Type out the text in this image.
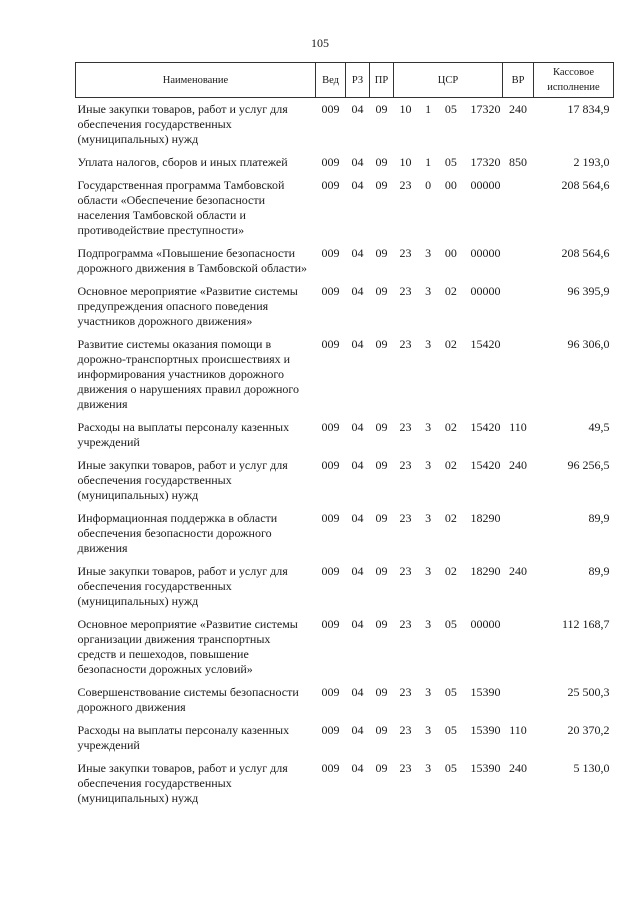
105
Наименование	Вед	РЗ	ПР	ЦСР	ВР	Кассовое исполнение
Иные закупки товаров, работ и услуг для обеспечения государственных (муниципальных) нужд	009	04	09	10 1 05 17320	240	17 834,9
Уплата налогов, сборов и иных платежей	009	04	09	10 1 05 17320	850	2 193,0
Государственная программа Тамбовской области «Обеспечение безопасности населения Тамбовской области и противодействие преступности»	009	04	09	23 0 00 00000		208 564,6
Подпрограмма «Повышение безопасности дорожного движения в Тамбовской области»	009	04	09	23 3 00 00000		208 564,6
Основное мероприятие «Развитие системы предупреждения опасного поведения участников дорожного движения»	009	04	09	23 3 02 00000		96 395,9
Развитие системы оказания помощи в дорожно-транспортных происшествиях и информирования участников дорожного движения о нарушениях правил дорожного движения	009	04	09	23 3 02 15420		96 306,0
Расходы на выплаты персоналу казенных учреждений	009	04	09	23 3 02 15420	110	49,5
Иные закупки товаров, работ и услуг для обеспечения государственных (муниципальных) нужд	009	04	09	23 3 02 15420	240	96 256,5
Информационная поддержка в области обеспечения безопасности дорожного движения	009	04	09	23 3 02 18290		89,9
Иные закупки товаров, работ и услуг для обеспечения государственных (муниципальных) нужд	009	04	09	23 3 02 18290	240	89,9
Основное мероприятие «Развитие системы организации движения транспортных средств и пешеходов, повышение безопасности дорожных условий»	009	04	09	23 3 05 00000		112 168,7
Совершенствование системы безопасности дорожного движения	009	04	09	23 3 05 15390		25 500,3
Расходы на выплаты персоналу казенных учреждений	009	04	09	23 3 05 15390	110	20 370,2
Иные закупки товаров, работ и услуг для обеспечения государственных (муниципальных) нужд	009	04	09	23 3 05 15390	240	5 130,0
